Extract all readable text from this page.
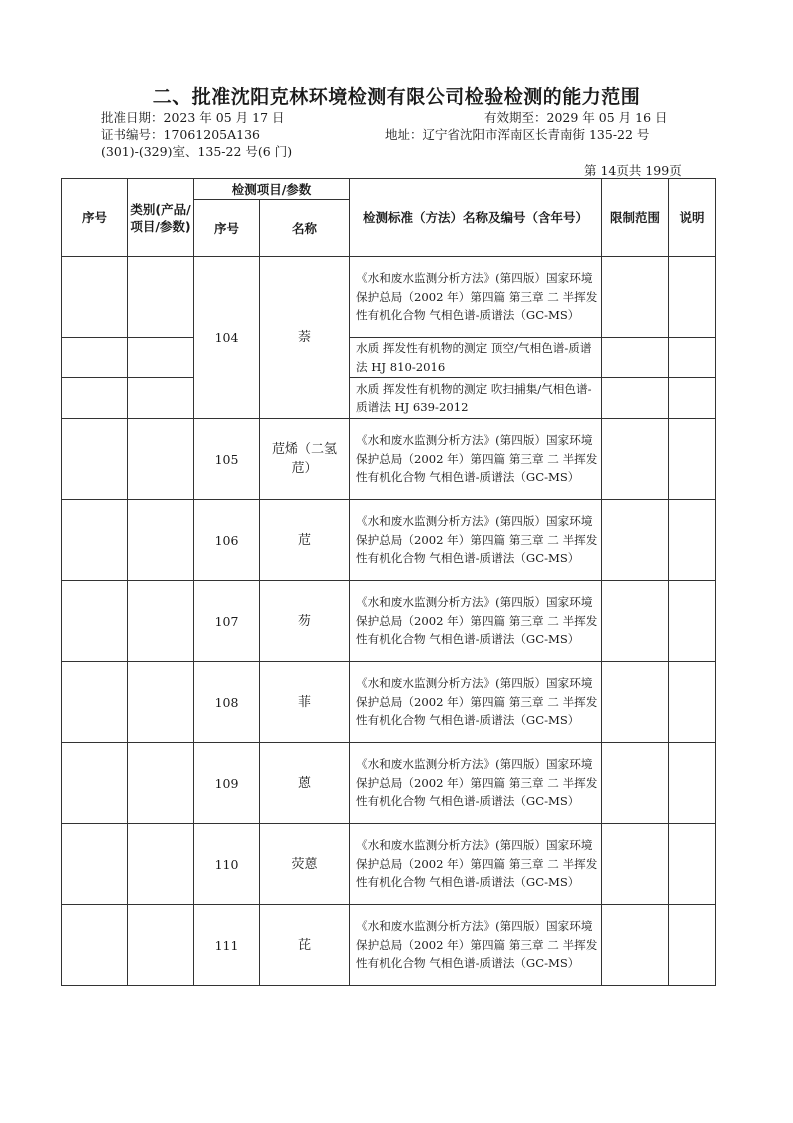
二、批准沈阳克林环境检测有限公司检验检测的能力范围
批准日期：2023 年 05 月 17 日	有效期至：2029 年 05 月 16 日
证书编号：17061205A136	地址：辽宁省沈阳市浑南区长青南街 135-22 号
(301)-(329)室、135-22 号(6 门)
第 14页共 199页
序号	类别(产品/项目/参数)	检测项目/参数		检测标准（方法）名称及编号（含年号）	限制范围	说明
		序号	名称			
		104	萘	《水和废水监测分析方法》(第四版）国家环境保护总局（2002 年）第四篇 第三章 二 半挥发性有机化合物 气相色谱-质谱法（GC-MS）		
				水质 挥发性有机物的测定 顶空/气相色谱-质谱法 HJ 810-2016		
				水质 挥发性有机物的测定 吹扫捕集/气相色谱-质谱法 HJ 639-2012		
		105	苊烯（二氢苊）	《水和废水监测分析方法》(第四版）国家环境保护总局（2002 年）第四篇 第三章 二 半挥发性有机化合物 气相色谱-质谱法（GC-MS）		
		106	苊	《水和废水监测分析方法》(第四版）国家环境保护总局（2002 年）第四篇 第三章 二 半挥发性有机化合物 气相色谱-质谱法（GC-MS）		
		107	芴	《水和废水监测分析方法》(第四版）国家环境保护总局（2002 年）第四篇 第三章 二 半挥发性有机化合物 气相色谱-质谱法（GC-MS）		
		108	菲	《水和废水监测分析方法》(第四版）国家环境保护总局（2002 年）第四篇 第三章 二 半挥发性有机化合物 气相色谱-质谱法（GC-MS）		
		109	蒽	《水和废水监测分析方法》(第四版）国家环境保护总局（2002 年）第四篇 第三章 二 半挥发性有机化合物 气相色谱-质谱法（GC-MS）		
		110	荧蒽	《水和废水监测分析方法》(第四版）国家环境保护总局（2002 年）第四篇 第三章 二 半挥发性有机化合物 气相色谱-质谱法（GC-MS）		
		111	芘	《水和废水监测分析方法》(第四版）国家环境保护总局（2002 年）第四篇 第三章 二 半挥发性有机化合物 气相色谱-质谱法（GC-MS）		
